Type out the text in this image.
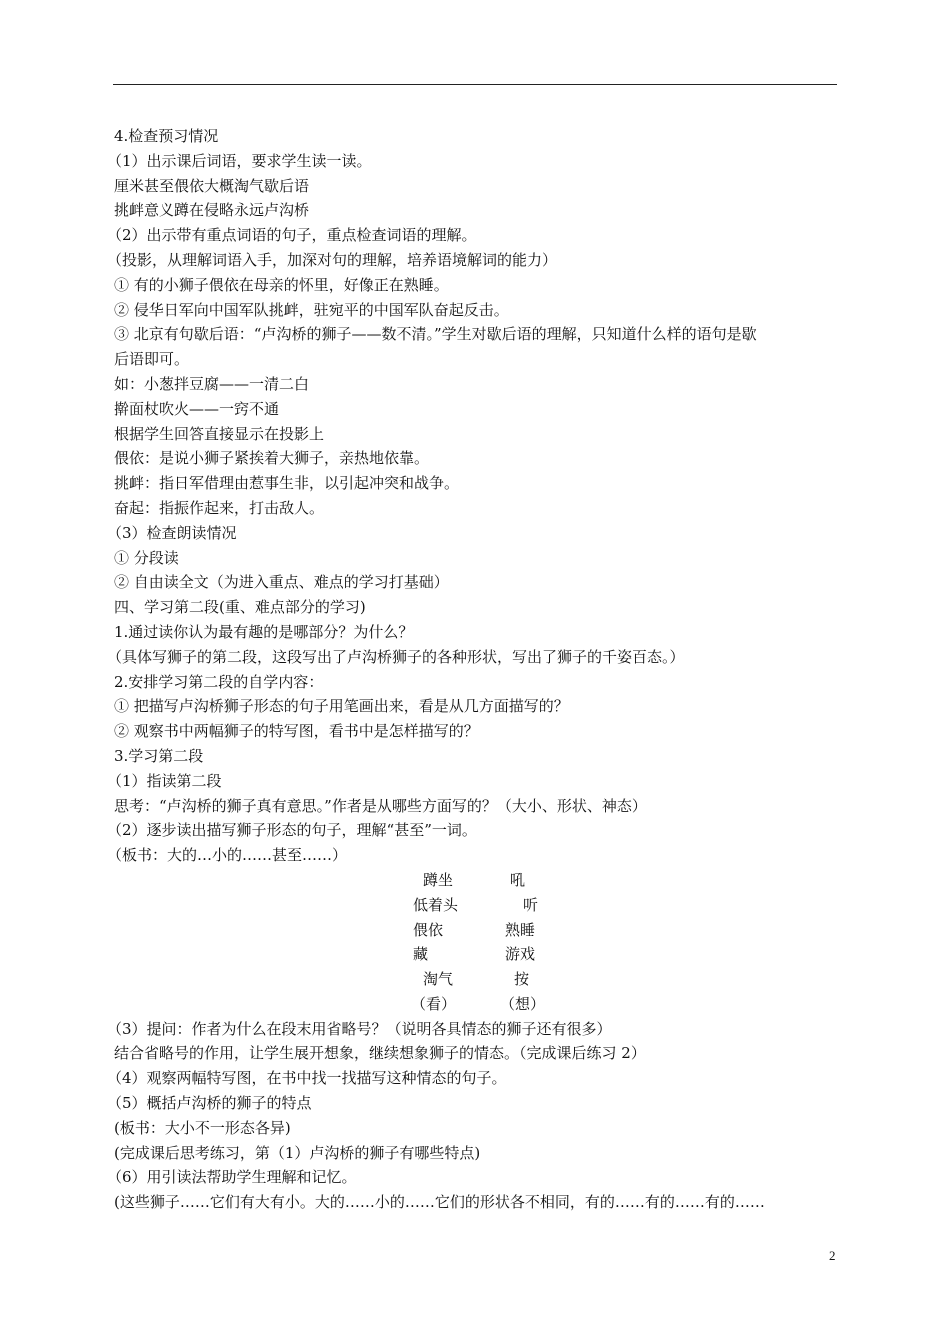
4.检查预习情况
（1）出示课后词语，要求学生读一读。
厘米甚至偎依大概淘气歇后语
挑衅意义蹲在侵略永远卢沟桥
（2）出示带有重点词语的句子，重点检查词语的理解。
（投影，从理解词语入手，加深对句的理解，培养语境解词的能力）
① 有的小狮子偎依在母亲的怀里，好像正在熟睡。
② 侵华日军向中国军队挑衅，驻宛平的中国军队奋起反击。
③ 北京有句歇后语：“卢沟桥的狮子——数不清。”学生对歇后语的理解，只知道什么样的语句是歇
后语即可。
如：小葱拌豆腐——一清二白
擀面杖吹火——一窍不通
根据学生回答直接显示在投影上
偎依：是说小狮子紧挨着大狮子，亲热地依靠。
挑衅：指日军借理由惹事生非，以引起冲突和战争。
奋起：指振作起来，打击敌人。
（3）检查朗读情况
① 分段读
② 自由读全文（为进入重点、难点的学习打基础）
四、学习第二段(重、难点部分的学习)
1.通过读你认为最有趣的是哪部分？为什么？
（具体写狮子的第二段，这段写出了卢沟桥狮子的各种形状，写出了狮子的千姿百态。）
2.安排学习第二段的自学内容：
① 把描写卢沟桥狮子形态的句子用笔画出来，看是从几方面描写的？
② 观察书中两幅狮子的特写图，看书中是怎样描写的？
3.学习第二段
（1）指读第二段
思考：“卢沟桥的狮子真有意思。”作者是从哪些方面写的？（大小、形状、神态）
（2）逐步读出描写狮子形态的句子，理解“甚至”一词。
（板书：大的…小的……甚至……）
蹲坐	吼
低着头	听
偎依	熟睡
藏	游戏
淘气	按
（看）	（想）
（3）提问：作者为什么在段末用省略号？（说明各具情态的狮子还有很多）
结合省略号的作用，让学生展开想象，继续想象狮子的情态。（完成课后练习 2）
（4）观察两幅特写图，在书中找一找描写这种情态的句子。
（5）概括卢沟桥的狮子的特点
(板书：大小不一形态各异)
(完成课后思考练习，第（1）卢沟桥的狮子有哪些特点)
（6）用引读法帮助学生理解和记忆。
(这些狮子……它们有大有小。大的……小的……它们的形状各不相同，有的……有的……有的……
2
